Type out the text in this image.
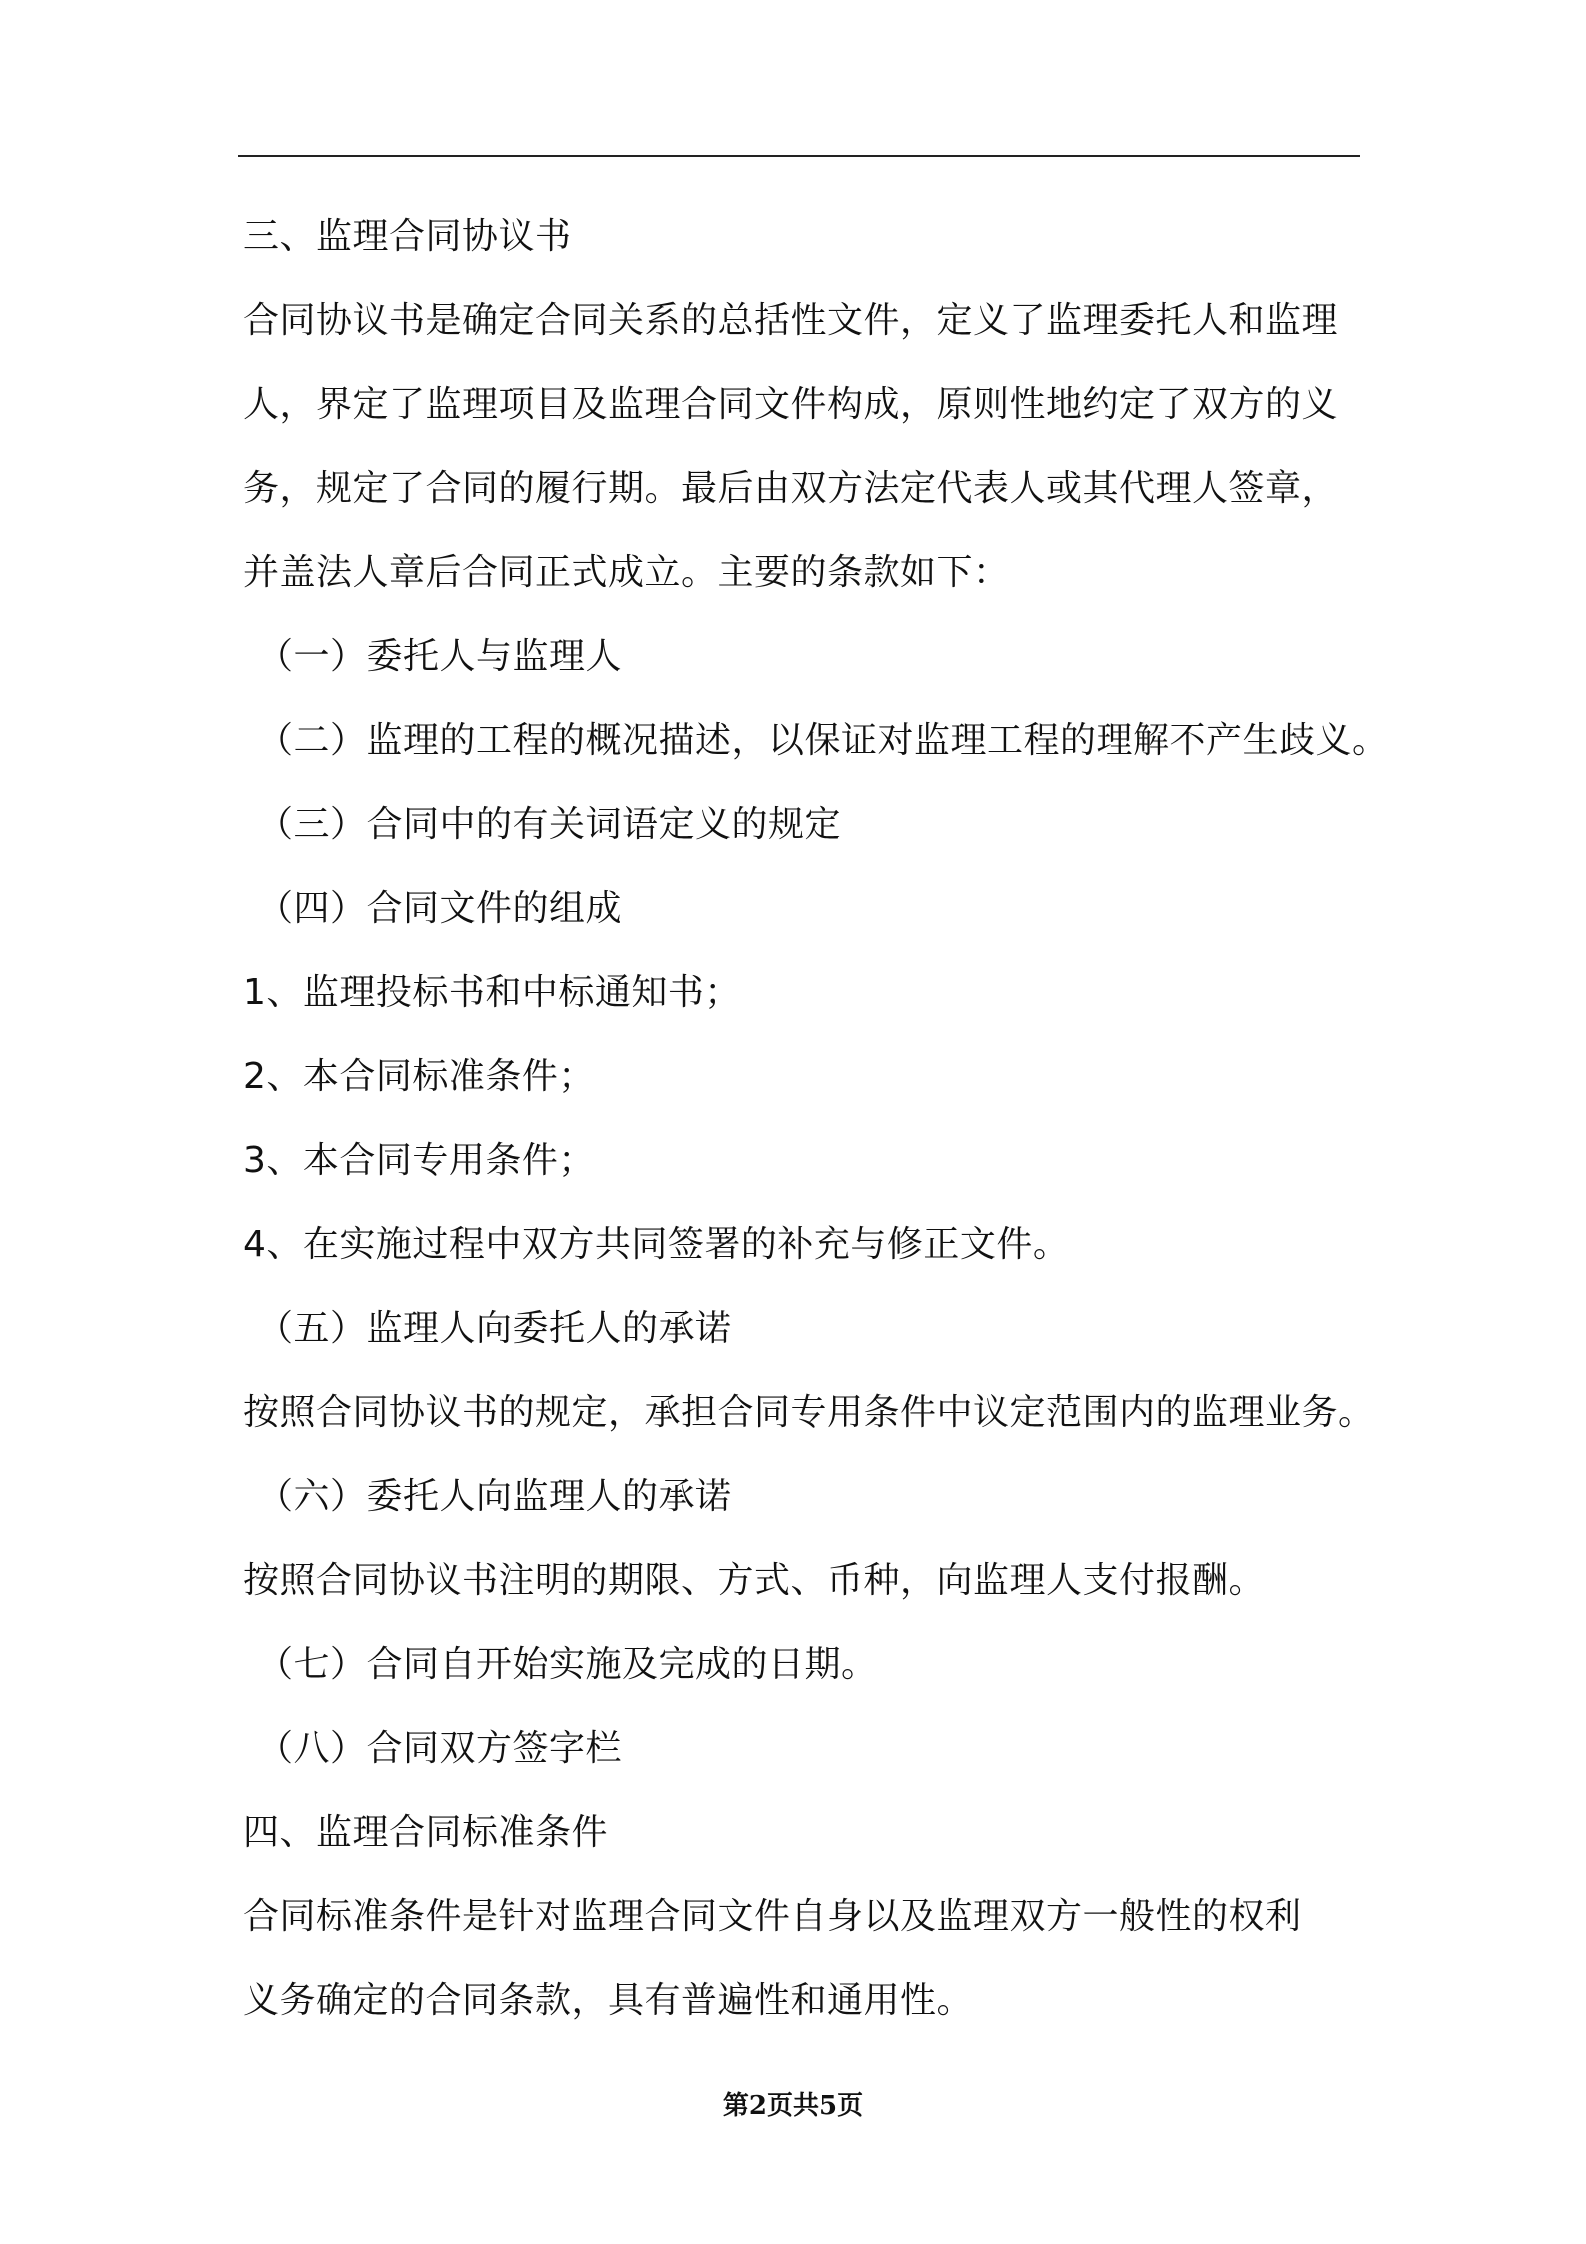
三、监理合同协议书
合同协议书是确定合同关系的总括性文件，定义了监理委托人和监理
人，界定了监理项目及监理合同文件构成，原则性地约定了双方的义
务，规定了合同的履行期。最后由双方法定代表人或其代理人签章，
并盖法人章后合同正式成立。主要的条款如下：
（一）委托人与监理人
（二）监理的工程的概况描述，以保证对监理工程的理解不产生歧义。
（三）合同中的有关词语定义的规定
（四）合同文件的组成
1、监理投标书和中标通知书；
2、本合同标准条件；
3、本合同专用条件；
4、在实施过程中双方共同签署的补充与修正文件。
（五）监理人向委托人的承诺
按照合同协议书的规定，承担合同专用条件中议定范围内的监理业务。
（六）委托人向监理人的承诺
按照合同协议书注明的期限、方式、币种，向监理人支付报酬。
（七）合同自开始实施及完成的日期。
（八）合同双方签字栏
四、监理合同标准条件
合同标准条件是针对监理合同文件自身以及监理双方一般性的权利
义务确定的合同条款，具有普遍性和通用性。
第2页共5页
